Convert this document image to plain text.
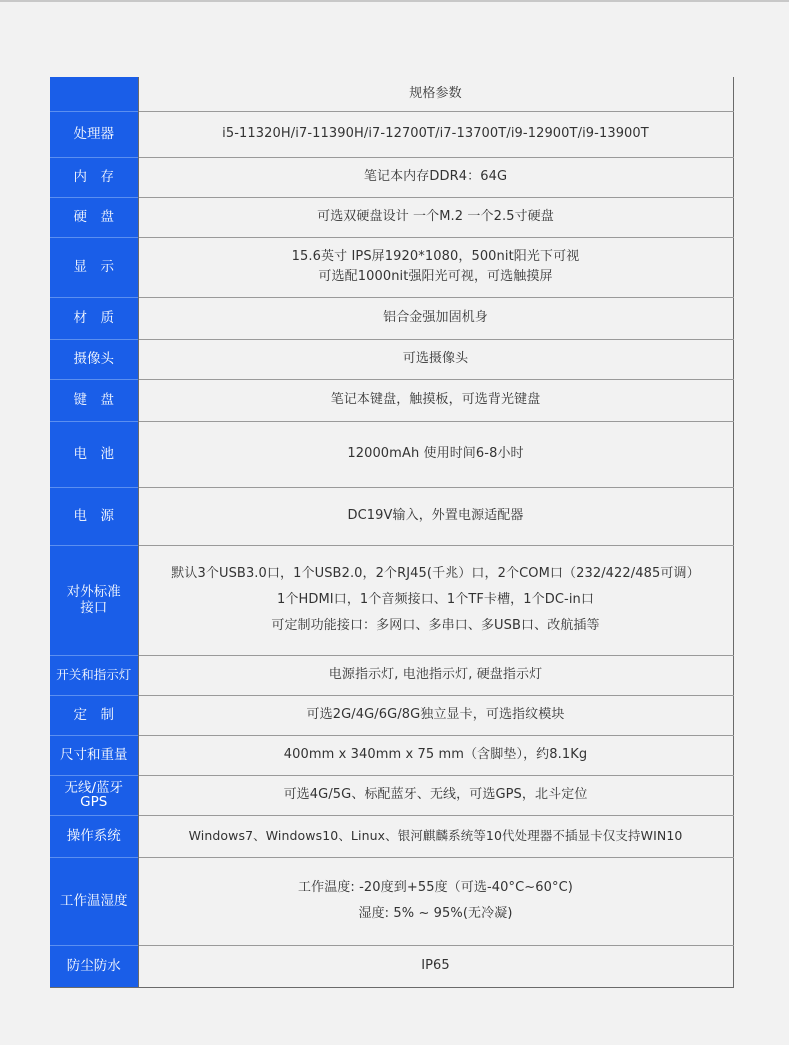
	规格参数
处理器	i5-11320H/i7-11390H/i7-12700T/i7-13700T/i9-12900T/i9-13900T
内　存	笔记本内存DDR4：64G
硬　盘	可选双硬盘设计 一个M.2 一个2.5寸硬盘
显　示	15.6英寸 IPS屏1920*1080，500nit阳光下可视
可选配1000nit强阳光可视，可选触摸屏

材　质	铝合金强加固机身
摄像头	可选摄像头
键　盘	笔记本键盘，触摸板，可选背光键盘
电　池	12000mAh 使用时间6-8小时
电　源	DC19V输入，外置电源适配器

对外标准
接口	默认3个USB3.0口，1个USB2.0，2个RJ45(千兆）口，2个COM口（232/422/485可调）
1个HDMI口，1个音频接口、1个TF卡槽，1个DC-in口
可定制功能接口：多网口、多串口、多USB口、改航插等

开关和指示灯	电源指示灯, 电池指示灯, 硬盘指示灯
定　制	可选2G/4G/6G/8G独立显卡，可选指纹模块
尺寸和重量	400mm x 340mm x 75 mm（含脚垫），约8.1Kg

无线/蓝牙
GPS	可选4G/5G、标配蓝牙、无线，可选GPS，北斗定位
操作系统	Windows7、Windows10、Linux、银河麒麟系统等10代处理器不插显卡仅支持WIN10
工作温湿度	工作温度: -20度到+55度（可选-40°C~60°C)
湿度: 5% ~ 95%(无冷凝)

防尘防水	IP65
